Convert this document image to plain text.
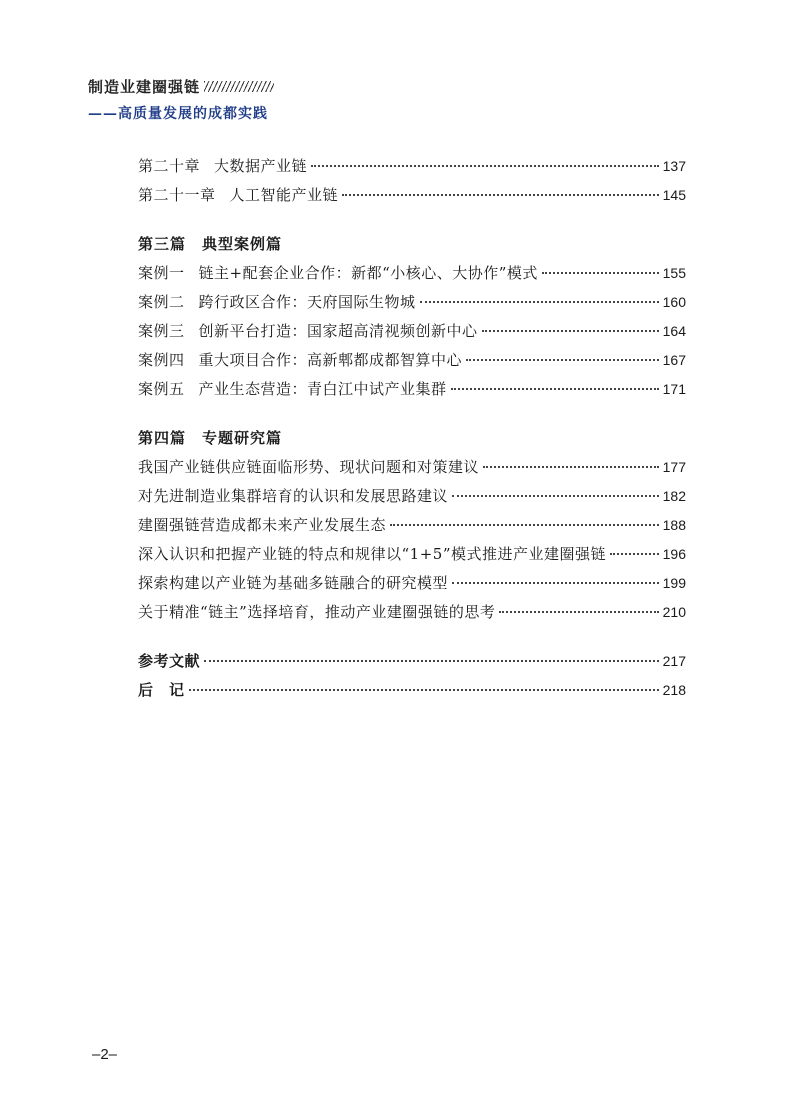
制造业建圈强链
——高质量发展的成都实践
第二十章 大数据产业链	137
第二十一章 人工智能产业链	145
第三篇　典型案例篇
案例一 链主+配套企业合作：新都“小核心、大协作”模式	155
案例二 跨行政区合作：天府国际生物城	160
案例三 创新平台打造：国家超高清视频创新中心	164
案例四 重大项目合作：高新郫都成都智算中心	167
案例五 产业生态营造：青白江中试产业集群	171
第四篇　专题研究篇
我国产业链供应链面临形势、现状问题和对策建议	177
对先进制造业集群培育的认识和发展思路建议	182
建圈强链营造成都未来产业发展生态	188
深入认识和把握产业链的特点和规律以“1+5”模式推进产业建圈强链	196
探索构建以产业链为基础多链融合的研究模型	199
关于精准“链主”选择培育，推动产业建圈强链的思考	210
参考文献	217
后　记	218
–2–
